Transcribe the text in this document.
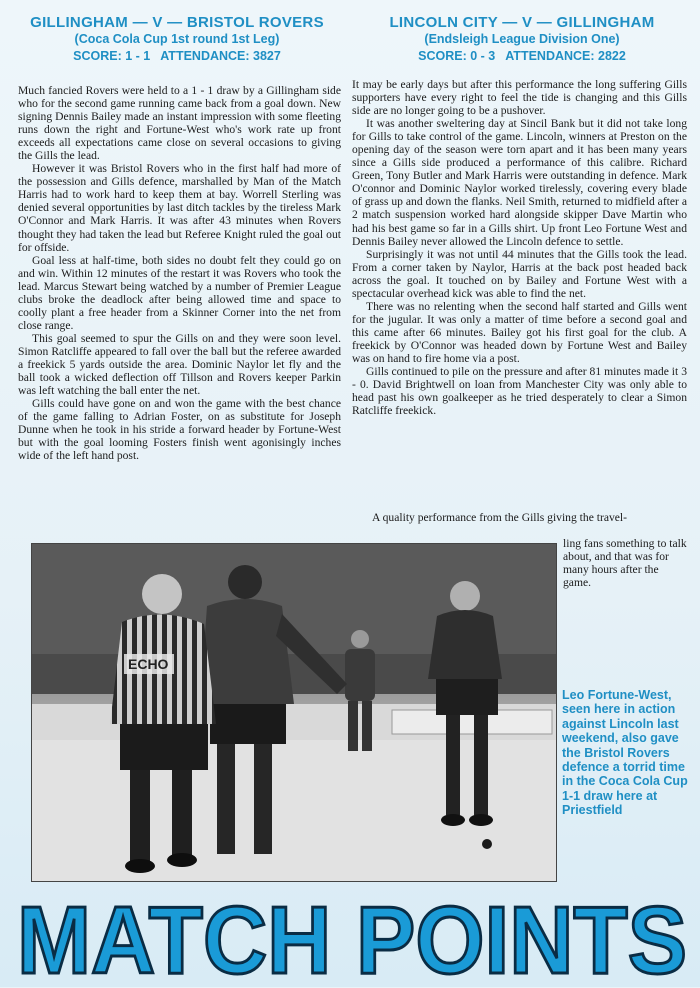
GILLINGHAM — V — BRISTOL ROVERS
(Coca Cola Cup 1st round 1st Leg)
SCORE: 1 - 1   ATTENDANCE: 3827
LINCOLN CITY — V — GILLINGHAM
(Endsleigh League Division One)
SCORE: 0 - 3   ATTENDANCE: 2822

Much fancied Rovers were held to a 1 - 1 draw by a Gillingham side who for the second game running came back from a goal down. New signing Dennis Bailey made an instant impression with some fleeting runs down the right and Fortune-West who's work rate up front exceeds all expectations came close on several occasions to giving the Gills the lead.

However it was Bristol Rovers who in the first half had more of the possession and Gills defence, marshalled by Man of the Match Harris had to work hard to keep them at bay. Worrell Sterling was denied several opportunities by last ditch tackles by the tireless Mark O'Connor and Mark Harris. It was after 43 minutes when Rovers thought they had taken the lead but Referee Knight ruled the goal out for offside.

Goal less at half-time, both sides no doubt felt they could go on and win. Within 12 minutes of the restart it was Rovers who took the lead. Marcus Stewart being watched by a number of Premier League clubs broke the deadlock after being allowed time and space to coolly plant a free header from a Skinner Corner into the net from close range.

This goal seemed to spur the Gills on and they were soon level. Simon Ratcliffe appeared to fall over the ball but the referee awarded a freekick 5 yards outside the area. Dominic Naylor let fly and the ball took a wicked deflection off Tillson and Rovers keeper Parkin was left watching the ball enter the net.

Gills could have gone on and won the game with the best chance of the game falling to Adrian Foster, on as substitute for Joseph Dunne when he took in his stride a forward header by Fortune-West but with the goal looming Fosters finish went agonisingly inches wide of the left hand post.

It may be early days but after this performance the long suffering Gills supporters have every right to feel the tide is changing and this Gills side are no longer going to be a pushover.

It was another sweltering day at Sincil Bank but it did not take long for Gills to take control of the game. Lincoln, winners at Preston on the opening day of the season were torn apart and it has been many years since a Gills side produced a performance of this calibre. Richard Green, Tony Butler and Mark Harris were outstanding in defence. Mark O'connor and Dominic Naylor worked tirelessly, covering every blade of grass up and down the flanks. Neil Smith, returned to midfield after a 2 match suspension worked hard alongside skipper Dave Martin who had his best game so far in a Gills shirt. Up front Leo Fortune West and Dennis Bailey never allowed the Lincoln defence to settle.

Surprisingly it was not until 44 minutes that the Gills took the lead. From a corner taken by Naylor, Harris at the back post headed back across the goal. It touched on by Bailey and Fortune West with a spectacular overhead kick was able to find the net.

There was no relenting when the second half started and Gills went for the jugular. It was only a matter of time before a second goal and this came after 66 minutes. Bailey got his first goal for the club. A freekick by O'Connor was headed down by Fortune West and Bailey was on hand to fire home via a post.

Gills continued to pile on the pressure and after 81 minutes made it 3 - 0. David Brightwell on loan from Manchester City was only able to head past his own goalkeeper as he tried desperately to clear a Simon Ratcliffe freekick.

A quality performance from the Gills giving the travel-
ling fans something to talk about, and that was for many hours after the game.
ECHO
Leo Fortune-West, seen here in action against Lincoln last weekend, also gave the Bristol Rovers defence a torrid time in the Coca Cola Cup 1-1 draw here at Priestfield
MATCH POINTS
